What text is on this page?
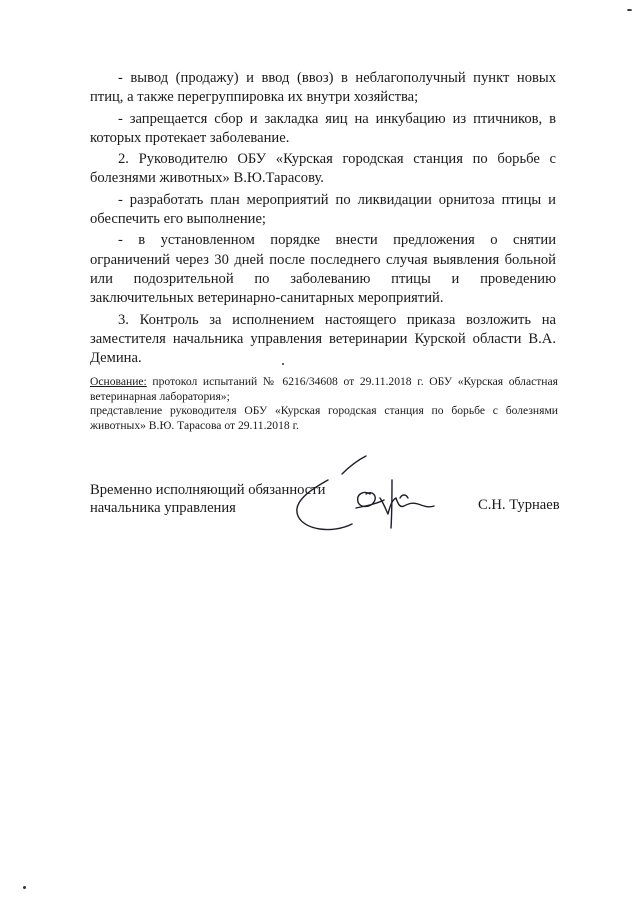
- вывод (продажу) и ввод (ввоз) в неблагополучный пункт новых птиц, а также перегруппировка их внутри хозяйства;

- запрещается сбор и закладка яиц на инкубацию из птичников, в которых протекает заболевание.

2. Руководителю ОБУ «Курская городская станция по борьбе с болезнями животных» В.Ю.Тарасову.

- разработать план мероприятий по ликвидации орнитоза птицы и обеспечить его выполнение;

- в установленном порядке внести предложения о снятии ограничений через 30 дней после последнего случая выявления больной или подозрительной по заболеванию птицы и проведению заключительных ветеринарно-санитарных мероприятий.

3. Контроль за исполнением настоящего приказа возложить на заместителя начальника управления ветеринарии Курской области В.А. Демина.

Основание: протокол испытаний № 6216/34608 от 29.11.2018 г. ОБУ «Курская областная ветеринарная лаборатория»;

представление руководителя ОБУ «Курская городская станция по борьбе с болезнями животных» В.Ю. Тарасова от 29.11.2018 г.

Временно исполняющий обязанности
начальника управления	С.Н. Турнаев
